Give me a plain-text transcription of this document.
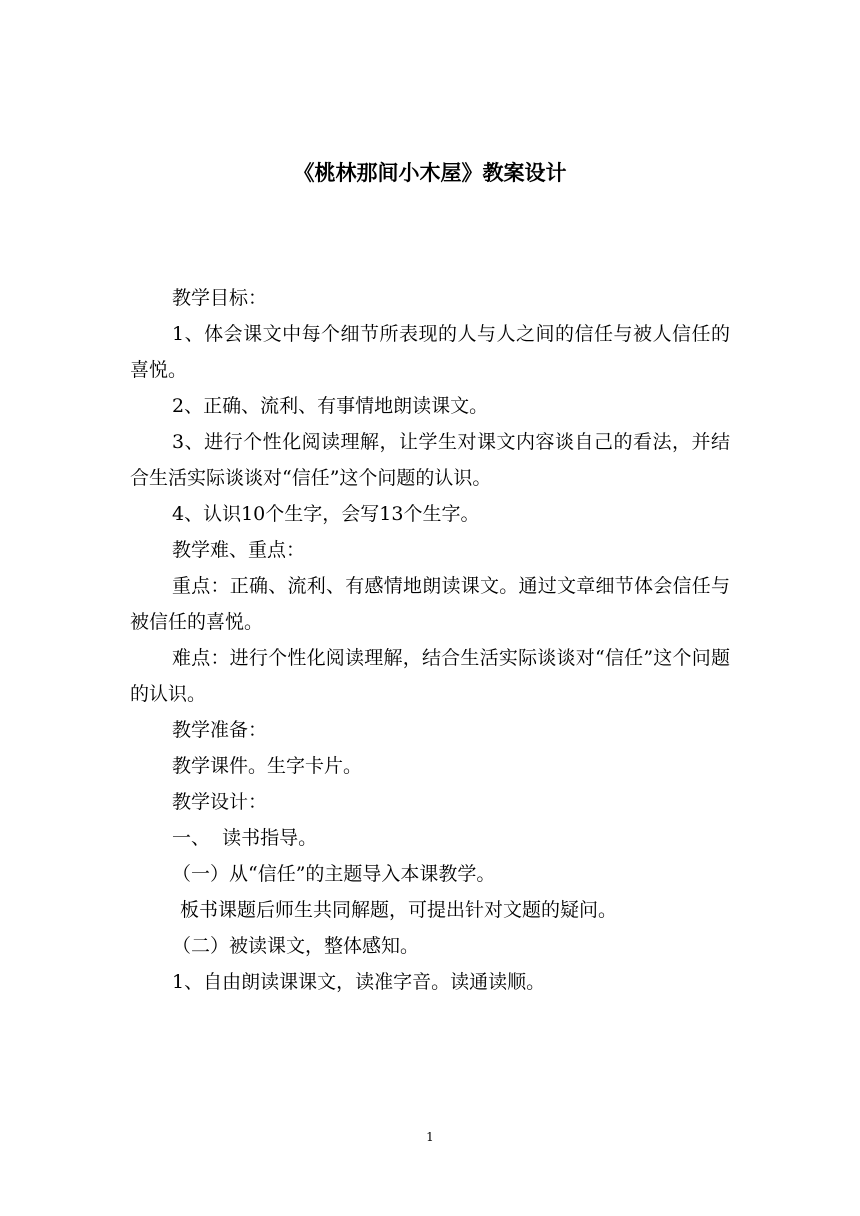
《桃林那间小木屋》教案设计

教学目标：

1、体会课文中每个细节所表现的人与人之间的信任与被人信任的喜悦。

2、正确、流利、有事情地朗读课文。

3、进行个性化阅读理解，让学生对课文内容谈自己的看法，并结合生活实际谈谈对“信任”这个问题的认识。

4、认识10个生字，会写13个生字。

教学难、重点：

重点：正确、流利、有感情地朗读课文。通过文章细节体会信任与被信任的喜悦。

难点：进行个性化阅读理解，结合生活实际谈谈对“信任”这个问题的认识。

教学准备：

教学课件。生字卡片。

教学设计：

一、  读书指导。

（一）从“信任”的主题导入本课教学。

板书课题后师生共同解题，可提出针对文题的疑问。

（二）被读课文，整体感知。

1、自由朗读课课文，读准字音。读通读顺。

1
